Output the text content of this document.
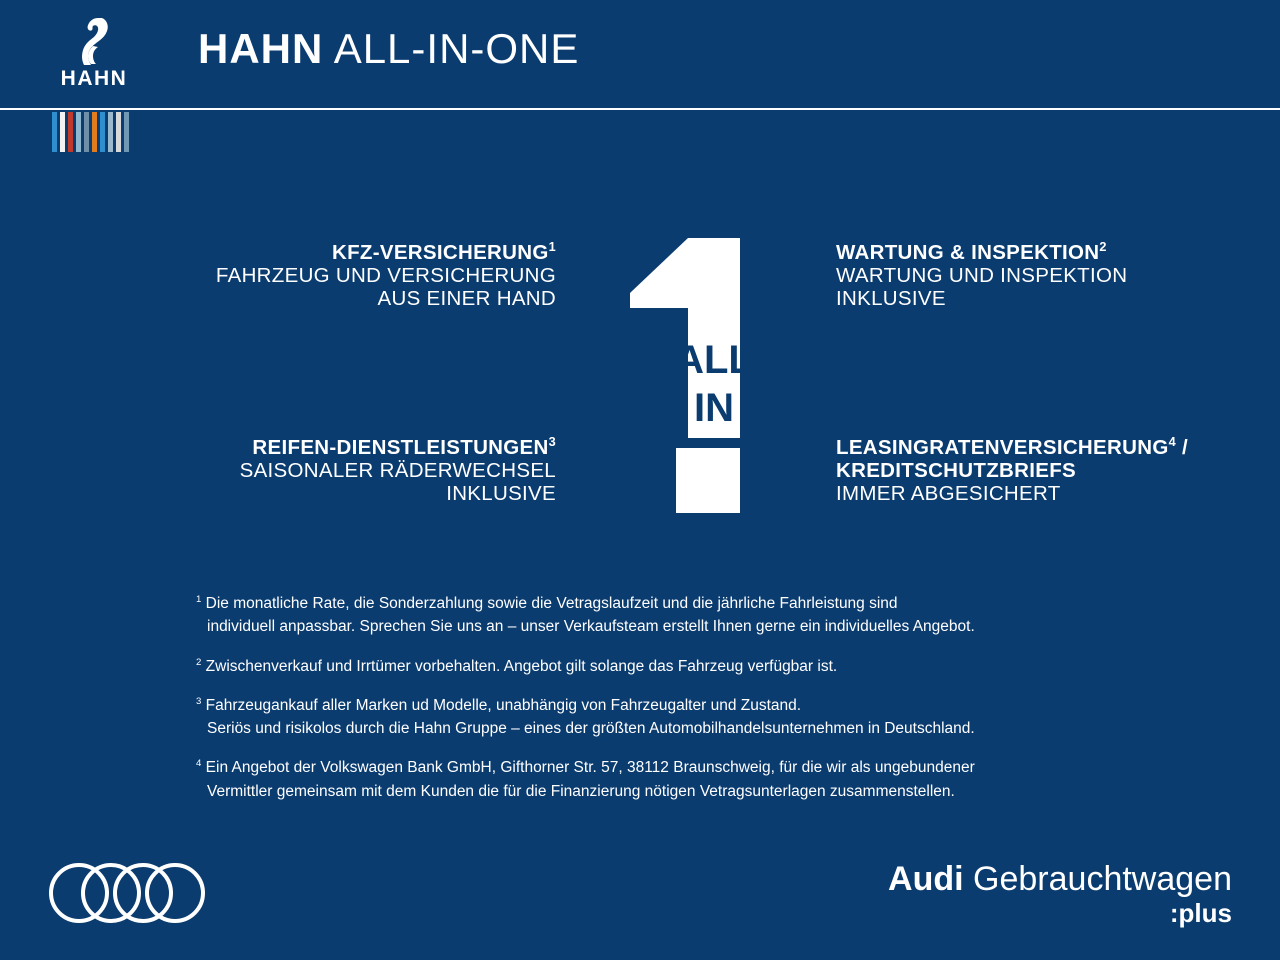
HAHN
HAHN ALL-IN-ONE
KFZ-VERSICHERUNG$^1$
FAHRZEUG UND VERSICHERUNG
AUS EINER HAND
WARTUNG & INSPEKTION$^2$
WARTUNG UND INSPEKTION
INKLUSIVE
REIFEN-DIENSTLEISTUNGEN$^3$
SAISONALER RÄDERWECHSEL
INKLUSIVE
LEASINGRATENVERSICHERUNG$^4$ / KREDITSCHUTZBRIEFS
IMMER ABGESICHERT
ALL
IN

$^1$ Die monatliche Rate, die Sonderzahlung sowie die Vetragslaufzeit und die jährliche Fahrleistung sind

individuell anpassbar. Sprechen Sie uns an – unser Verkaufsteam erstellt Ihnen gerne ein individuelles Angebot.

$^2$ Zwischenverkauf und Irrtümer vorbehalten. Angebot gilt solange das Fahrzeug verfügbar ist.

$^3$ Fahrzeugankauf aller Marken ud Modelle, unabhängig von Fahrzeugalter und Zustand.

Seriös und risikolos durch die Hahn Gruppe – eines der größten Automobilhandelsunternehmen in Deutschland.

$^4$ Ein Angebot der Volkswagen Bank GmbH, Gifthorner Str. 57, 38112 Braunschweig, für die wir als ungebundener

Vermittler gemeinsam mit dem Kunden die für die Finanzierung nötigen Vetragsunterlagen zusammenstellen.

Audi Gebrauchtwagen
:plus
